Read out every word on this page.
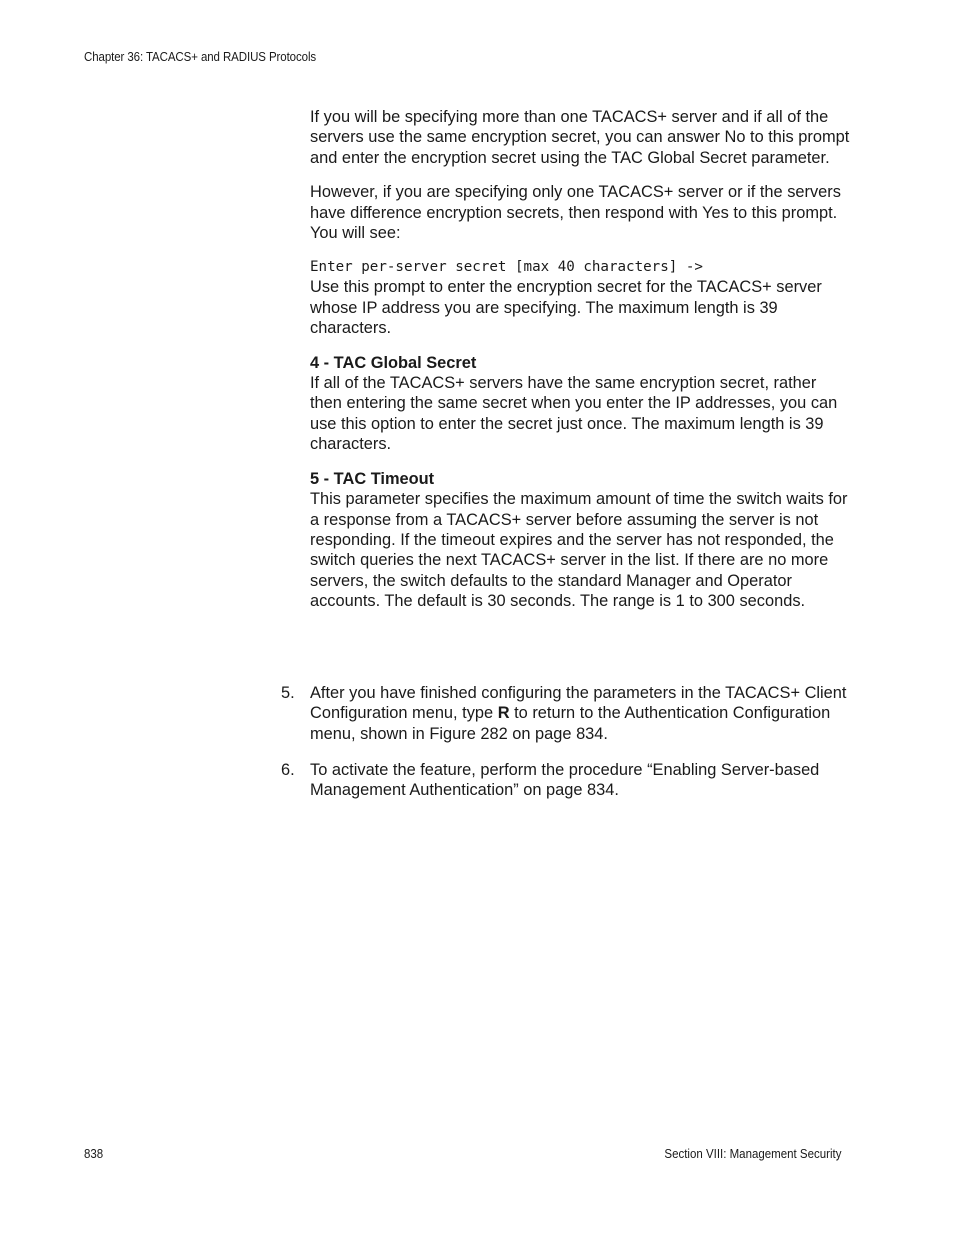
Chapter 36: TACACS+ and RADIUS Protocols

If you will be specifying more than one TACACS+ server and if all of the servers use the same encryption secret, you can answer No to this prompt and enter the encryption secret using the TAC Global Secret parameter.

However, if you are specifying only one TACACS+ server or if the servers have difference encryption secrets, then respond with Yes to this prompt. You will see:

Enter per-server secret [max 40 characters] ->

Use this prompt to enter the encryption secret for the TACACS+ server whose IP address you are specifying. The maximum length is 39 characters.

4 - TAC Global Secret

If all of the TACACS+ servers have the same encryption secret, rather then entering the same secret when you enter the IP addresses, you can use this option to enter the secret just once. The maximum length is 39 characters.

5 - TAC Timeout

This parameter specifies the maximum amount of time the switch waits for a response from a TACACS+ server before assuming the server is not responding. If the timeout expires and the server has not responded, the switch queries the next TACACS+ server in the list. If there are no more servers, the switch defaults to the standard Manager and Operator accounts. The default is 30 seconds. The range is 1 to 300 seconds.

5. After you have finished configuring the parameters in the TACACS+ Client Configuration menu, type R to return to the Authentication Configuration menu, shown in Figure 282 on page 834.
6. To activate the feature, perform the procedure “Enabling Server-based Management Authentication” on page 834.
838	Section VIII: Management Security
